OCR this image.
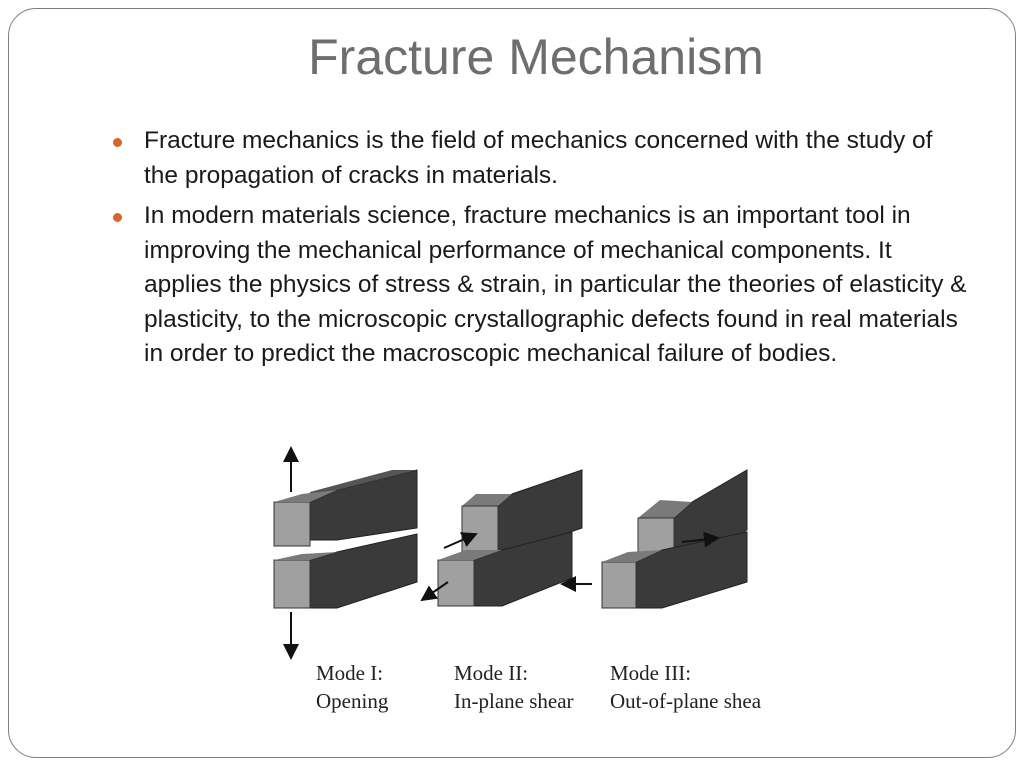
Fracture Mechanism
Fracture mechanics is the field of mechanics concerned with the study of the propagation of cracks in materials.
In modern materials science, fracture mechanics is an important tool in improving the mechanical performance of mechanical components. It applies the physics of stress & strain, in particular the theories of elasticity & plasticity, to the microscopic crystallographic defects found in real materials in order to predict the macroscopic mechanical failure of bodies.
Mode I:
Opening
Mode II:
In-plane shear
Mode III:
Out-of-plane shea
